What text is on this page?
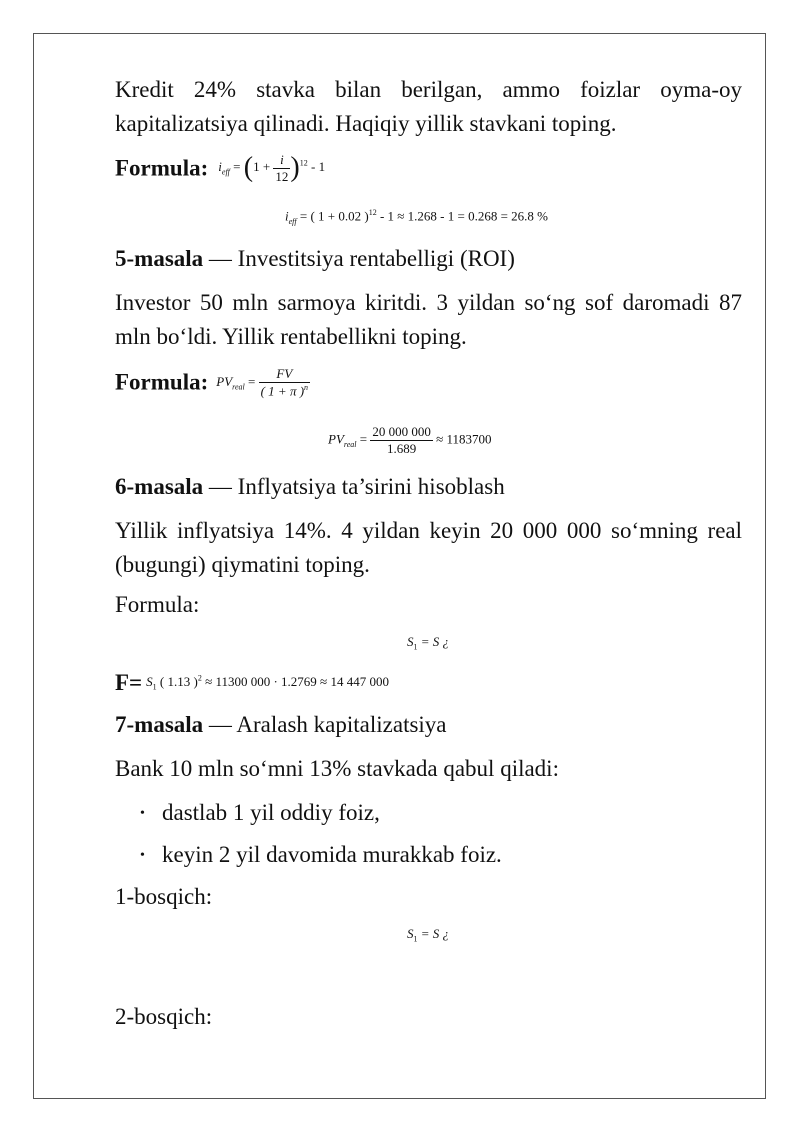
Kredit 24% stavka bilan berilgan, ammo foizlar oyma-oy kapitalizatsiya qilinadi. Haqiqiy yillik stavkani toping.
Formula: $i_{eff} = (1 + \frac{i}{12} )^{12} - 1$
$i_{eff}$ = ( 1 + 0.02 )$^{12}$ - 1 ≈ 1.268 - 1 = 0.268 = 26.8 %
5-masala — Investitsiya rentabelligi (ROI)
Investor 50 mln sarmoya kiritdi. 3 yildan so‘ng sof daromadi 87 mln bo‘ldi. Yillik rentabellikni toping.
Formula: $PV_{real} = \frac{FV}{( 1 + \pi )^n}$
$PV_{real} = \frac{20 000 000}{1.689} \approx 1183700$
6-masala — Inflyatsiya ta’sirini hisoblash
Yillik inflyatsiya 14%. 4 yildan keyin 20 000 000 so‘mning real (bugungi) qiymatini toping.
Formula:
$S_1 = S$ ¿
$F= S_1$ ( 1.13 )$^2$ ≈ 11300 000 · 1.2769 ≈ 14 447 000
7-masala — Aralash kapitalizatsiya
Bank 10 mln so‘mni 13% stavkada qabul qiladi:
• dastlab 1 yil oddiy foiz,
• keyin 2 yil davomida murakkab foiz.
1-bosqich:
$S_1 = S$ ¿
2-bosqich:
